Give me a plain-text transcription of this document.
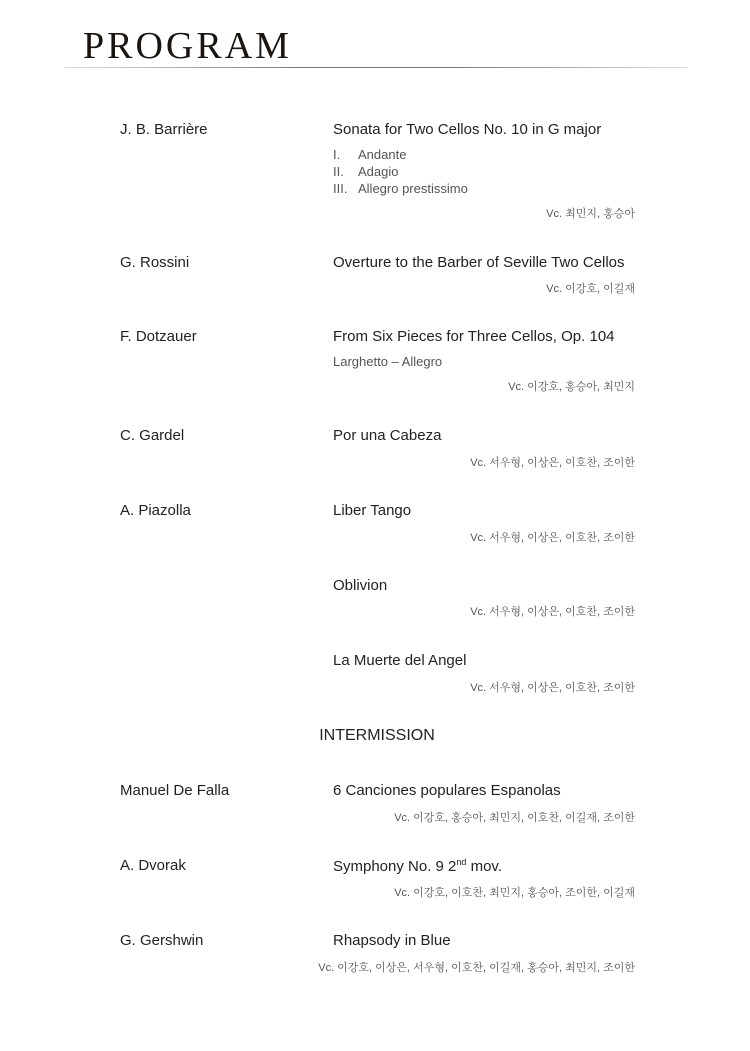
PROGRAM
J. B. Barrière	Sonata for Two Cellos No. 10 in G major
I.	Andante
II.	Adagio
III. Allegro prestissimo
Vc. 최민지, 홍승아
G. Rossini	Overture to the Barber of Seville Two Cellos
Vc. 이강호, 이길재
F. Dotzauer	From Six Pieces for Three Cellos, Op. 104
Larghetto – Allegro
Vc. 이강호, 홍승아, 최민지
C. Gardel	Por una Cabeza
Vc. 서우형, 이상은, 이호찬, 조이한
A. Piazolla	Liber Tango
Vc. 서우형, 이상은, 이호찬, 조이한
Oblivion
Vc. 서우형, 이상은, 이호찬, 조이한
La Muerte del Angel
Vc. 서우형, 이상은, 이호찬, 조이한
INTERMISSION
Manuel De Falla	6 Canciones populares Espanolas
Vc. 이강호, 홍승아, 최민지, 이호찬, 이길재, 조이한
A. Dvorak	Symphony No. 9 2nd mov.
Vc. 이강호, 이호찬, 최민지, 홍승아, 조이한, 이길재
G. Gershwin	Rhapsody in Blue
Vc. 이강호, 이상은, 서우형, 이호찬, 이길재, 홍승아, 최민지, 조이한
